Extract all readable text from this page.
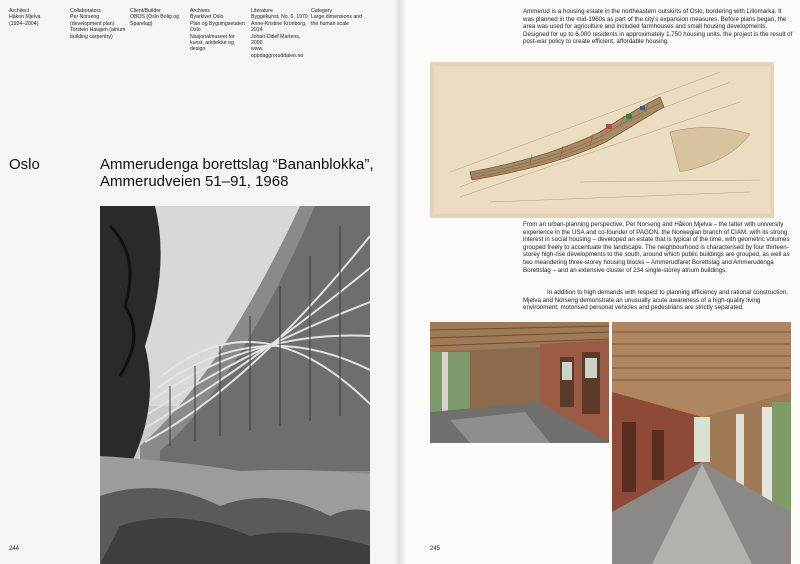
Architect

Håkon Mjelva
(1924–2004)

Collaborators

Per Norseng
(development plan)
Torstein Haugen (atrium
building carpentry)

Client/Builder

OBOS (Oslo Bolig og
Sparelag)

Archives

Byarkivet Oslo
Plan og Bygningsetaten
Oslo
Nasjonalmuseet for
kunst, arkitektur og
design

Literature

Byggekunst, No. 6, 1970
Anne-Kristine Kronborg,
2014
Johan-Ditlef Martens,
2000
www.
oppdaggroruddalen.no

Category

Large dimensions and
the human scale

Oslo	Ammerudenga borettslag “Bananblokka”, Ammerudveien 51–91, 1968

244

Ammerud is a housing estate in the northeastern outskirts of Oslo, bordering with Lillomarka. It was planned in the mid-1960s as part of the city’s expansion measures. Before plans began, the area was used for agriculture and included farmhouses and small housing developments. Designed for up to 6,000 residents in approximately 1,750 housing units, the project is the result of post-war policy to create efficient, affordable housing.

From an urban-planning perspective, Per Norseng and Håkon Mjelva – the latter with university experience in the USA and co-founder of PAGON, the Norwegian branch of CIAM, with its strong interest in social housing – developed an estate that is typical of the time, with geometric volumes grouped freely to accentuate the landscape. The neighbourhood is characterised by four thirteen-storey high-rise developments to the south, around which public buildings are grouped, as well as two meandering three-storey housing blocks – Ammerudfaret Borettslag and Ammerudenga Borettslag – and an extensive cluster of 234 single-storey atrium buildings.

In addition to high demands with respect to planning efficiency and rational construction, Mjelva and Norseng demonstrate an unusually acute awareness of a high-quality living environment: motorised personal vehicles and pedestrians are strictly separated.

245
